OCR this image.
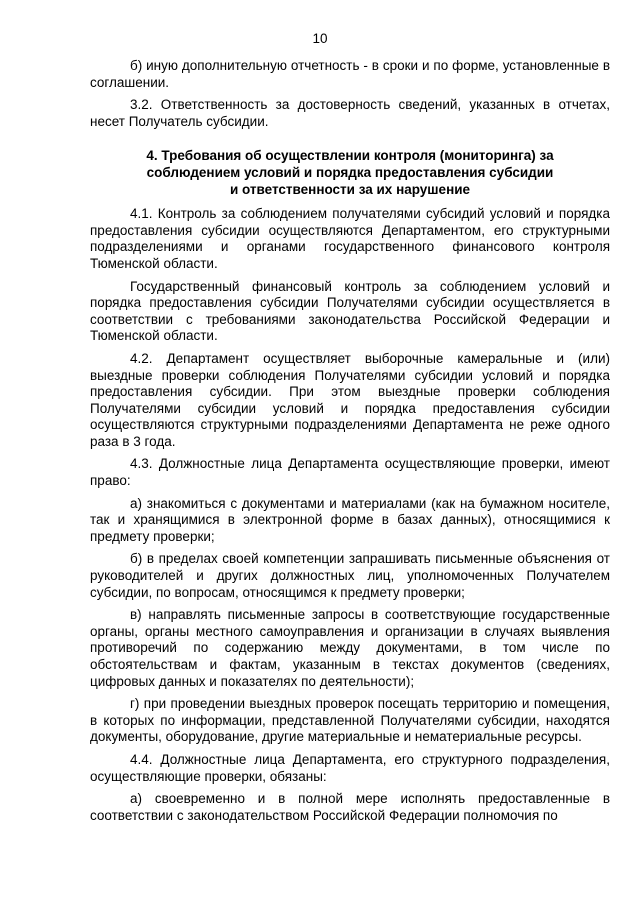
10

б) иную дополнительную отчетность - в сроки и по форме, установленные в соглашении.

3.2. Ответственность за достоверность сведений, указанных в отчетах, несет Получатель субсидии.

4. Требования об осуществлении контроля (мониторинга) за
соблюдением условий и порядка предоставления субсидии
и ответственности за их нарушение

4.1. Контроль за соблюдением получателями субсидий условий и порядка предоставления субсидии осуществляются Департаментом, его структурными подразделениями и органами государственного финансового контроля Тюменской области.

Государственный финансовый контроль за соблюдением условий и порядка предоставления субсидии Получателями субсидии осуществляется в соответствии с требованиями законодательства Российской Федерации и Тюменской области.

4.2. Департамент осуществляет выборочные камеральные и (или) выездные проверки соблюдения Получателями субсидии условий и порядка предоставления субсидии. При этом выездные проверки соблюдения Получателями субсидии условий и порядка предоставления субсидии осуществляются структурными подразделениями Департамента не реже одного раза в 3 года.

4.3. Должностные лица Департамента осуществляющие проверки, имеют право:

а) знакомиться с документами и материалами (как на бумажном носителе, так и хранящимися в электронной форме в базах данных), относящимися к предмету проверки;

б) в пределах своей компетенции запрашивать письменные объяснения от руководителей и других должностных лиц, уполномоченных Получателем субсидии, по вопросам, относящимся к предмету проверки;

в) направлять письменные запросы в соответствующие государственные органы, органы местного самоуправления и организации в случаях выявления противоречий по содержанию между документами, в том числе по обстоятельствам и фактам, указанным в текстах документов (сведениях, цифровых данных и показателях по деятельности);

г) при проведении выездных проверок посещать территорию и помещения, в которых по информации, представленной Получателями субсидии, находятся документы, оборудование, другие материальные и нематериальные ресурсы.

4.4. Должностные лица Департамента, его структурного подразделения, осуществляющие проверки, обязаны:

а) своевременно и в полной мере исполнять предоставленные в соответствии с законодательством Российской Федерации полномочия по
